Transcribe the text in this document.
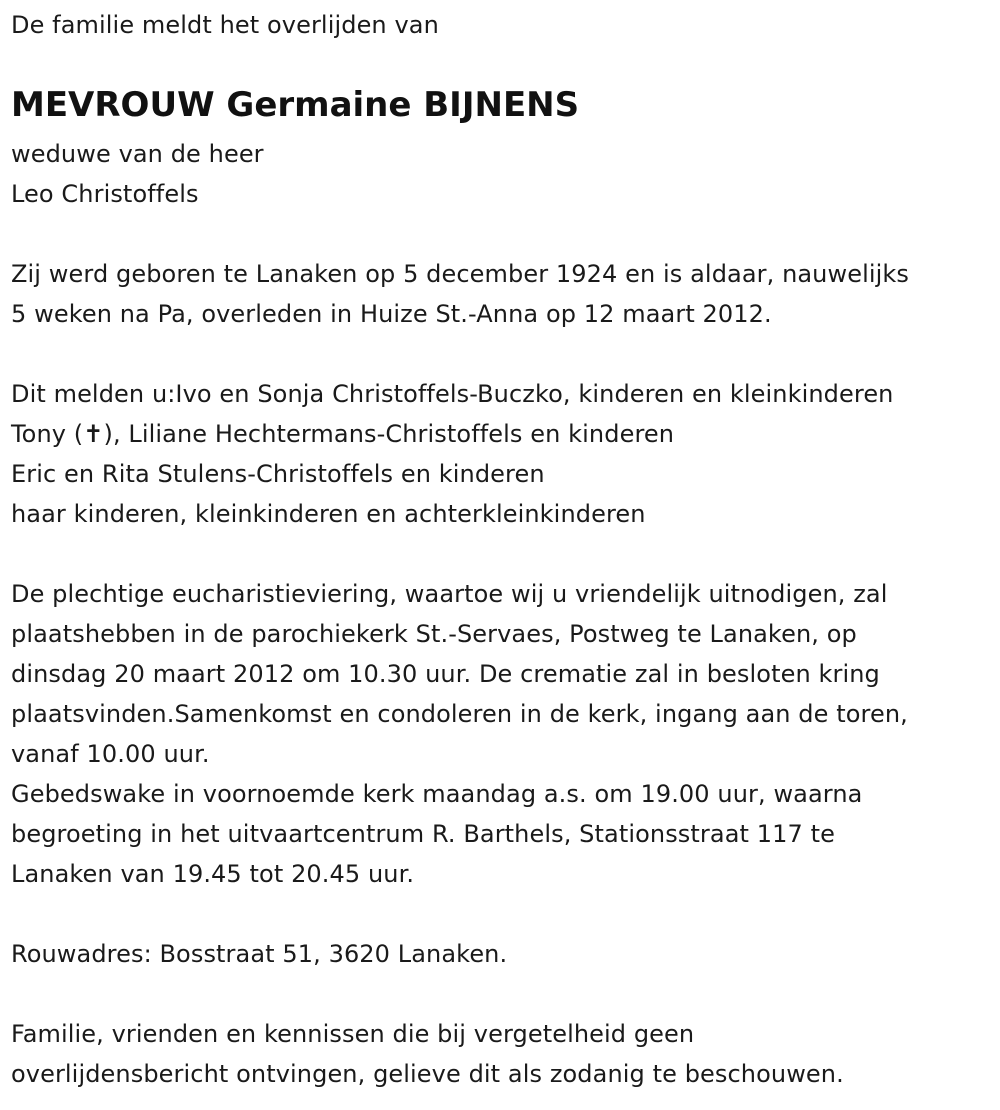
De familie meldt het overlijden van
MEVROUW Germaine BIJNENS
weduwe van de heer
Leo Christoffels
Zij werd geboren te Lanaken op 5 december 1924 en is aldaar, nauwelijks
5 weken na Pa, overleden in Huize St.-Anna op 12 maart 2012.
Dit melden u:Ivo en Sonja Christoffels-Buczko, kinderen en kleinkinderen
Tony (✝), Liliane Hechtermans-Christoffels en kinderen
Eric en Rita Stulens-Christoffels en kinderen
haar kinderen, kleinkinderen en achterkleinkinderen
De plechtige eucharistieviering, waartoe wij u vriendelijk uitnodigen, zal
plaatshebben in de parochiekerk St.-Servaes, Postweg te Lanaken, op
dinsdag 20 maart 2012 om 10.30 uur. De crematie zal in besloten kring
plaatsvinden.Samenkomst en condoleren in de kerk, ingang aan de toren,
vanaf 10.00 uur.
Gebedswake in voornoemde kerk maandag a.s. om 19.00 uur, waarna
begroeting in het uitvaartcentrum R. Barthels, Stationsstraat 117 te
Lanaken van 19.45 tot 20.45 uur.
Rouwadres: Bosstraat 51, 3620 Lanaken.
Familie, vrienden en kennissen die bij vergetelheid geen
overlijdensbericht ontvingen, gelieve dit als zodanig te beschouwen.
